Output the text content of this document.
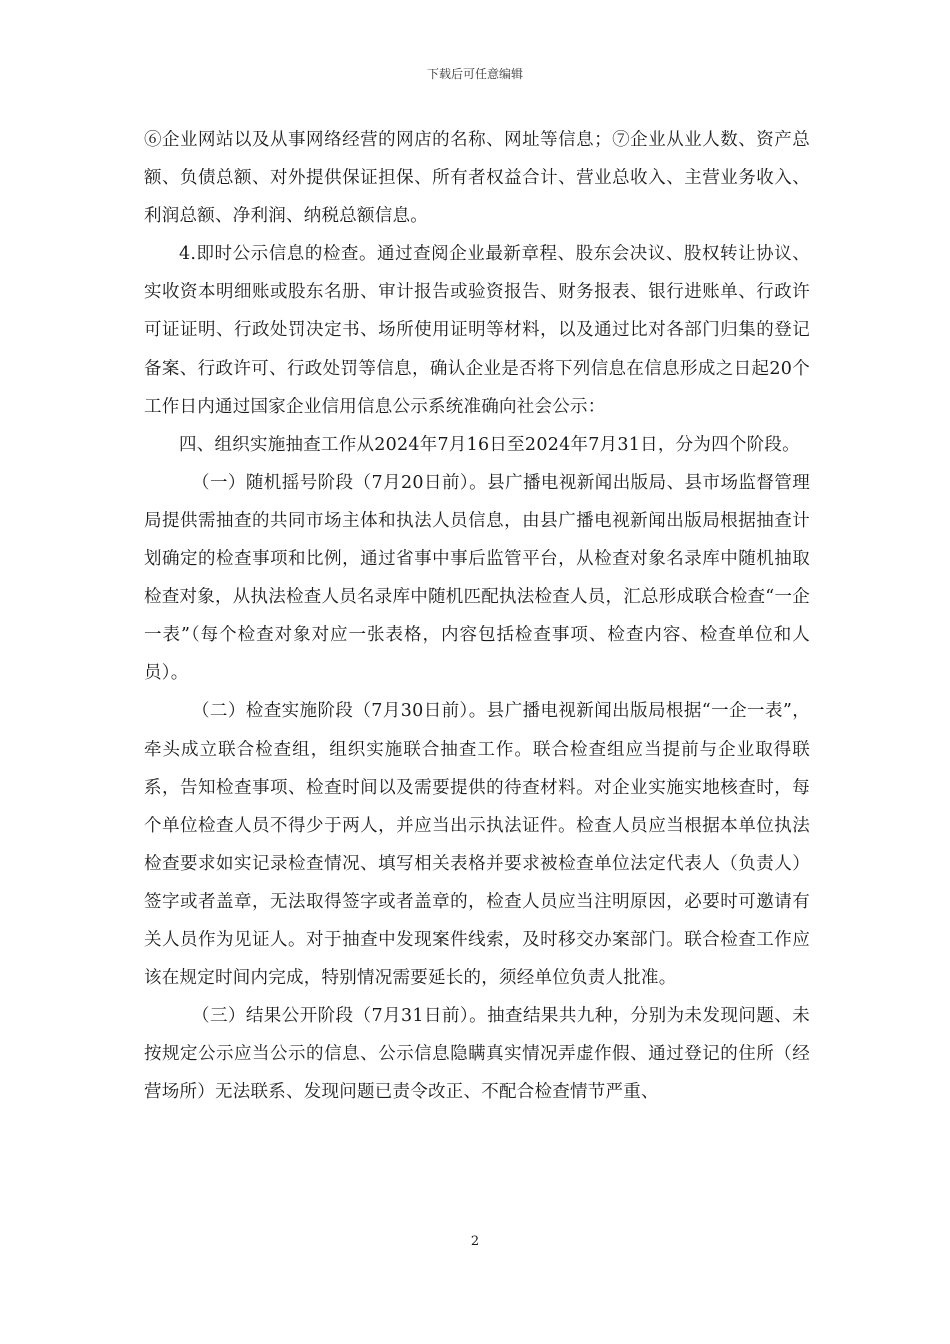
下载后可任意编辑

⑥企业网站以及从事网络经营的网店的名称、网址等信息；⑦企业从业人数、资产总额、负债总额、对外提供保证担保、所有者权益合计、营业总收入、主营业务收入、利润总额、净利润、纳税总额信息。

4.即时公示信息的检查。通过查阅企业最新章程、股东会决议、股权转让协议、实收资本明细账或股东名册、审计报告或验资报告、财务报表、银行进账单、行政许可证证明、行政处罚决定书、场所使用证明等材料，以及通过比对各部门归集的登记备案、行政许可、行政处罚等信息，确认企业是否将下列信息在信息形成之日起20个工作日内通过国家企业信用信息公示系统准确向社会公示：

四、组织实施抽查工作从2024年7月16日至2024年7月31日，分为四个阶段。

（一）随机摇号阶段（7月20日前）。县广播电视新闻出版局、县市场监督管理局提供需抽查的共同市场主体和执法人员信息，由县广播电视新闻出版局根据抽查计划确定的检查事项和比例，通过省事中事后监管平台，从检查对象名录库中随机抽取检查对象，从执法检查人员名录库中随机匹配执法检查人员，汇总形成联合检查“一企一表”（每个检查对象对应一张表格，内容包括检查事项、检查内容、检查单位和人员）。

（二）检查实施阶段（7月30日前）。县广播电视新闻出版局根据“一企一表”，牵头成立联合检查组，组织实施联合抽查工作。联合检查组应当提前与企业取得联系，告知检查事项、检查时间以及需要提供的待查材料。对企业实施实地核查时，每个单位检查人员不得少于两人，并应当出示执法证件。检查人员应当根据本单位执法检查要求如实记录检查情况、填写相关表格并要求被检查单位法定代表人（负责人）签字或者盖章，无法取得签字或者盖章的，检查人员应当注明原因，必要时可邀请有关人员作为见证人。对于抽查中发现案件线索，及时移交办案部门。联合检查工作应该在规定时间内完成，特别情况需要延长的，须经单位负责人批准。

（三）结果公开阶段（7月31日前）。抽查结果共九种，分别为未发现问题、未按规定公示应当公示的信息、公示信息隐瞒真实情况弄虚作假、通过登记的住所（经营场所）无法联系、发现问题已责令改正、不配合检查情节严重、

2
